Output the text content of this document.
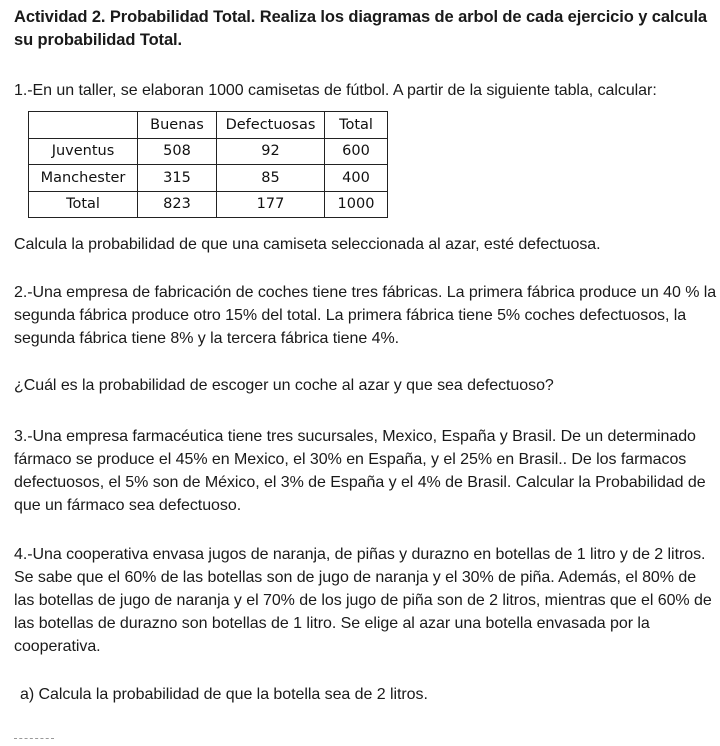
Actividad 2. Probabilidad Total. Realiza los diagramas de arbol de cada ejercicio y calcula su probabilidad Total.

1.-En un taller, se elaboran 1000 camisetas de fútbol. A partir de la siguiente tabla, calcular:

	Buenas	Defectuosas	Total
Juventus	508	92	600
Manchester	315	85	400
Total	823	177	1000

Calcula la probabilidad de que una camiseta seleccionada al azar, esté defectuosa.

2.-Una empresa de fabricación de coches tiene tres fábricas. La primera fábrica produce un 40 % la segunda fábrica produce otro 15% del total. La primera fábrica tiene 5% coches defectuosos, la segunda fábrica tiene 8% y la tercera fábrica tiene 4%.

¿Cuál es la probabilidad de escoger un coche al azar y que sea defectuoso?

3.-Una empresa farmacéutica tiene tres sucursales, Mexico, España y Brasil. De un determinado fármaco se produce el 45% en Mexico, el 30% en España, y el 25% en Brasil.. De los farmacos defectuosos, el 5% son de México, el 3% de España y el 4% de Brasil. Calcular la Probabilidad de que un fármaco sea defectuoso.

4.-Una cooperativa envasa jugos de naranja, de piñas y durazno en botellas de 1 litro y de 2 litros. Se sabe que el 60% de las botellas son de jugo de naranja y el 30% de piña. Además, el 80% de las botellas de jugo de naranja y el 70% de los jugo de piña son de 2 litros, mientras que el 60% de las botellas de durazno son botellas de 1 litro. Se elige al azar una botella envasada por la cooperativa.

a) Calcula la probabilidad de que la botella sea de 2 litros.
